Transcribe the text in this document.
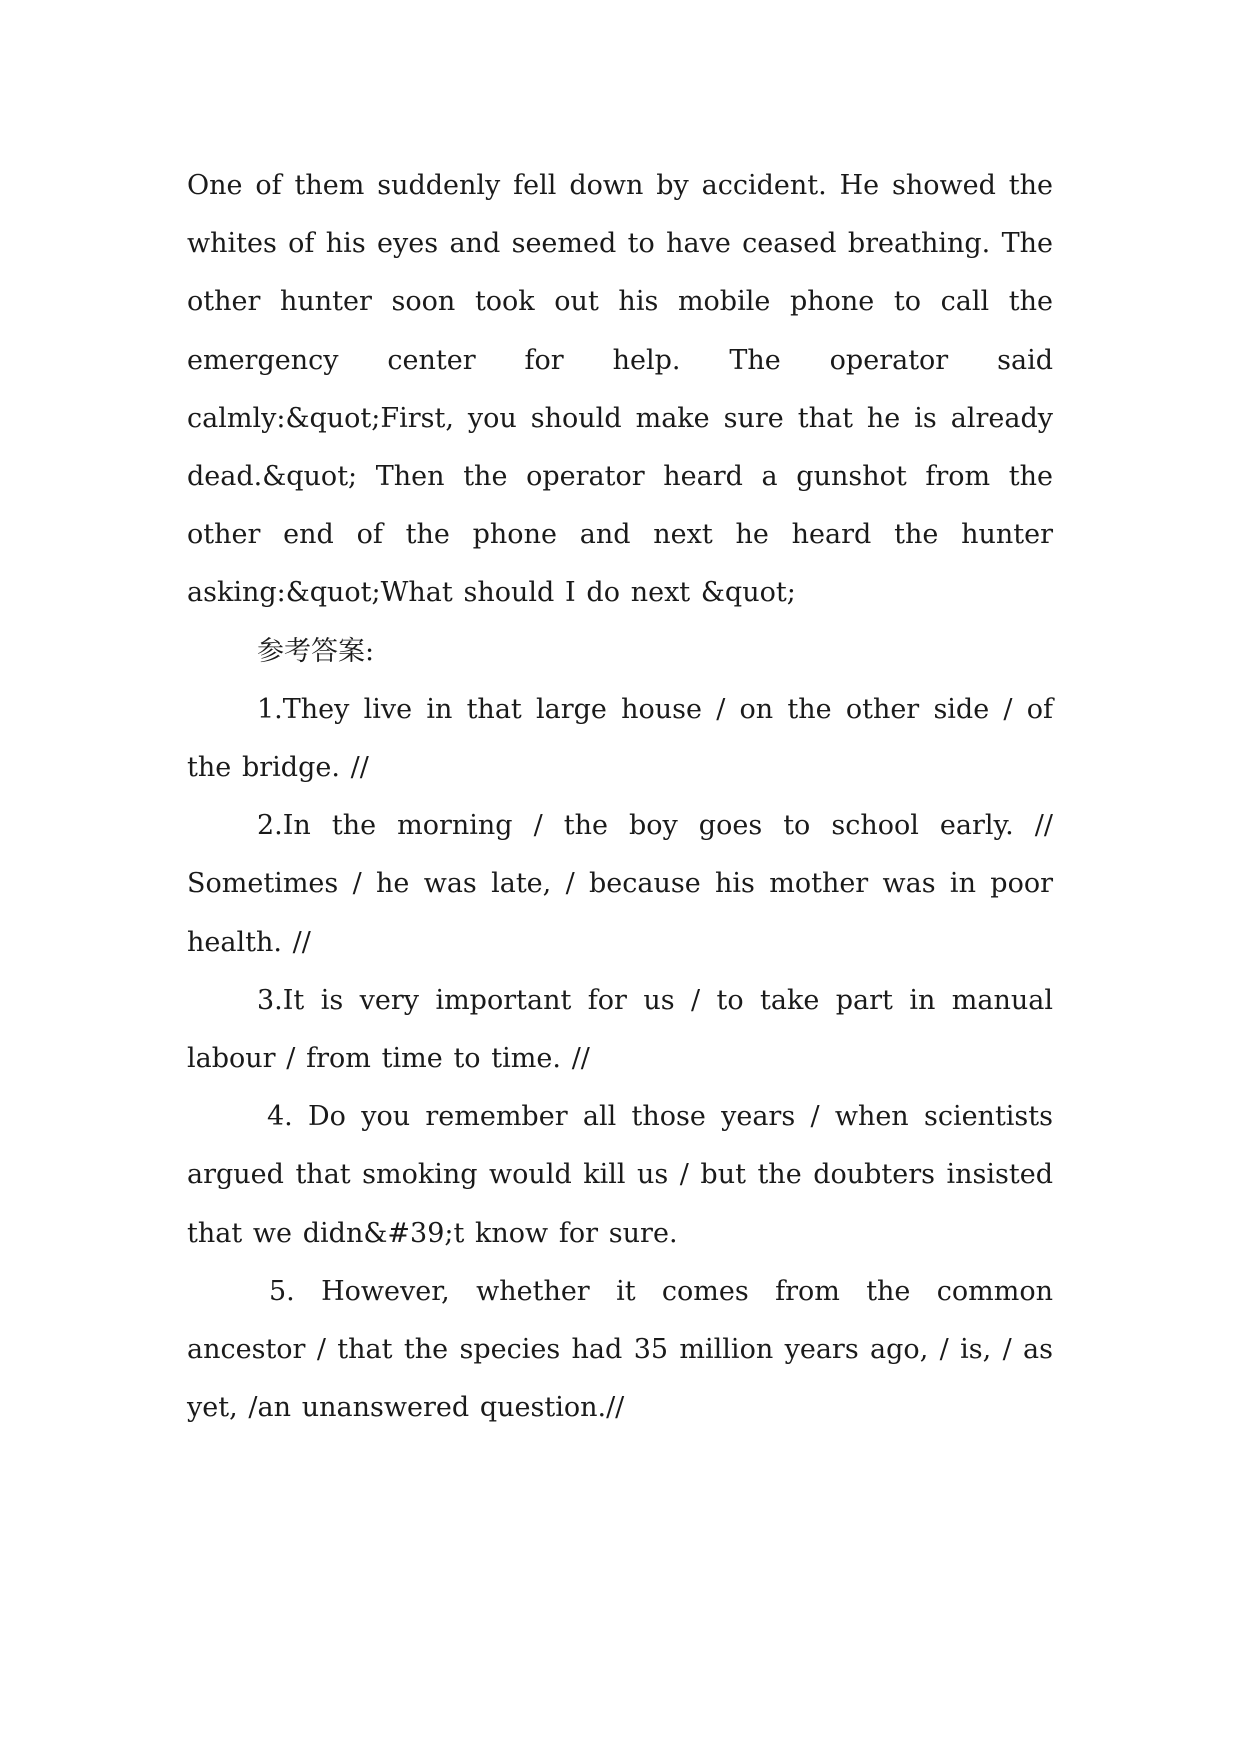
One of them suddenly fell down by accident. He showed the whites of his eyes and seemed to have ceased breathing. The other hunter soon took out his mobile phone to call the emergency center for help. The operator said calmly:&quot;First, you should make sure that he is already dead.&quot; Then the operator heard a gunshot from the other end of the phone and next he heard the hunter asking:&quot;What should I do next &quot;

参考答案:

1.They live in that large house / on the other side / of the bridge. //

2.In the morning / the boy goes to school early. // Sometimes / he was late, / because his mother was in poor health. //

3.It is very important for us / to take part in manual labour / from time to time. //

4. Do you remember all those years / when scientists argued that smoking would kill us / but the doubters insisted that we didn&#39;t know for sure.

5. However, whether it comes from the common ancestor / that the species had 35 million years ago, / is, / as yet, /an unanswered question.//
